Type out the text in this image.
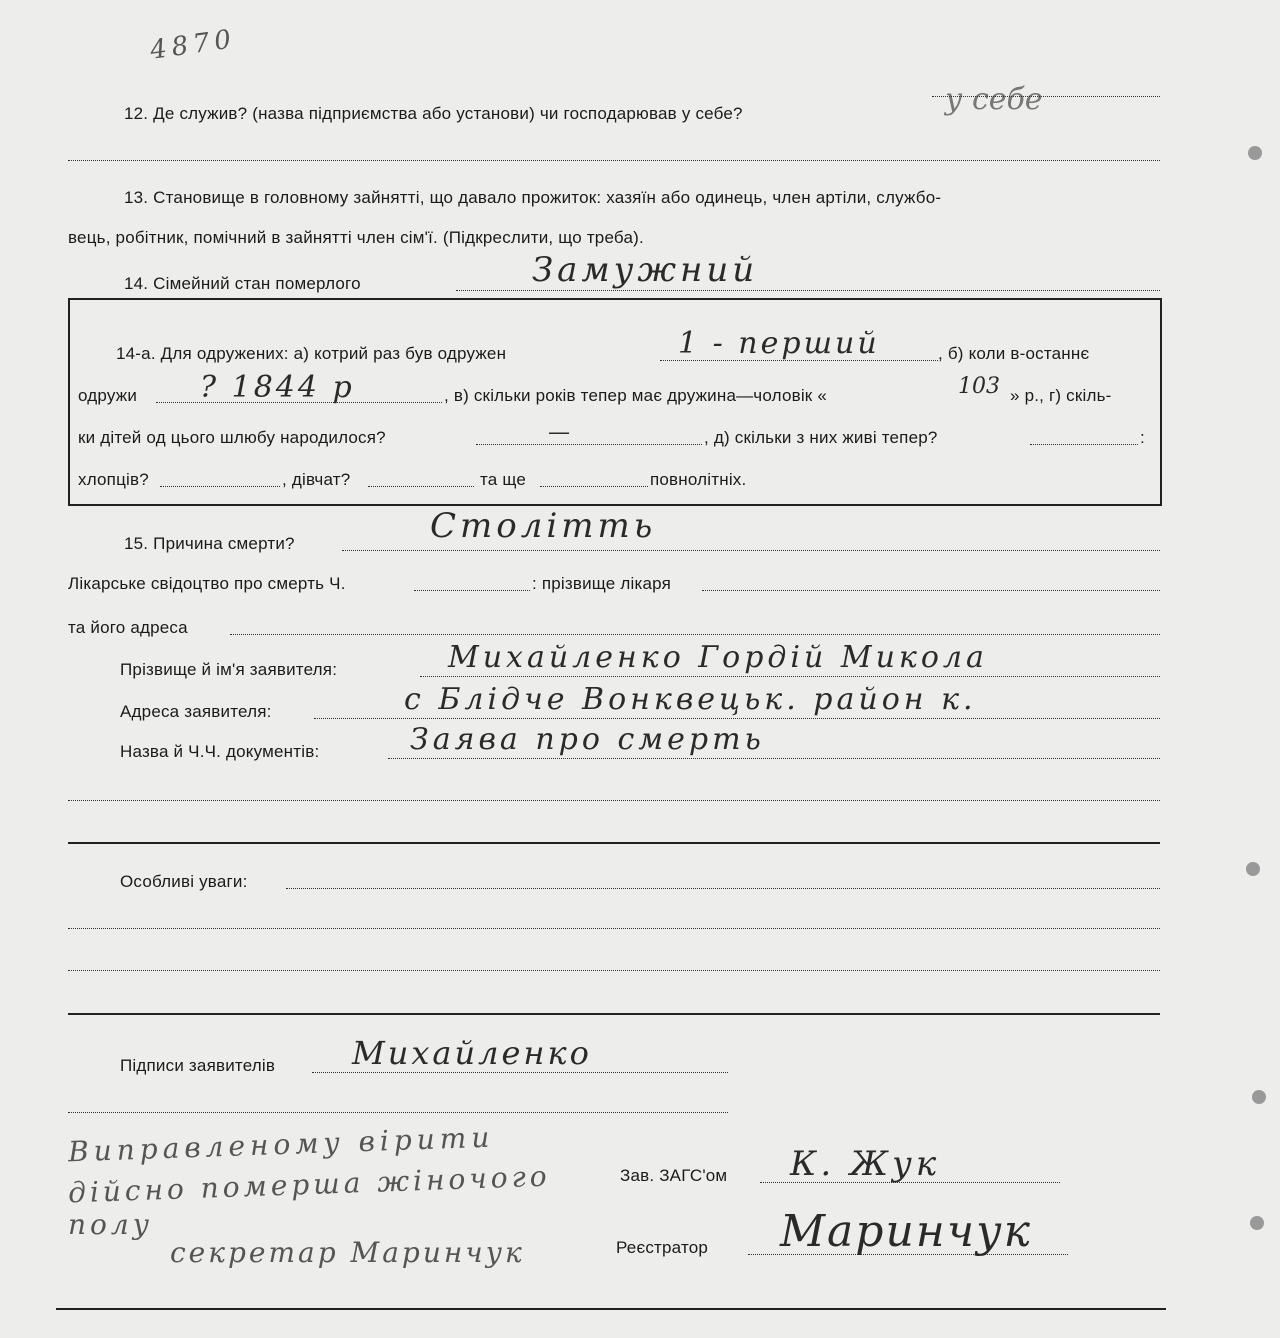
4870
12. Де служив? (назва підприємства або установи) чи господарював у себе?	у себе
13. Становище в головному зайнятті, що давало прожиток: хазяїн або одинець, член артіли, службо-
вець, робітник, помічний в зайнятті член сім'ї. (Підкреслити, що треба).
14. Сімейний стан померлого	Замужний
14-а. Для одружених: а) котрий раз був одружен	1 - перший	, б) коли в-останнє
одружи ? 1844 р	, в) скільки років тепер має дружина—чоловік «	103 » р., г) скіль-
ки дітей од цього шлюбу народилося?	—	, д) скільки з них живі тепер?	:
хлопців?	, дівчат?	та ще	повнолітніх.
15. Причина смерти?	Столітть
Лікарське свідоцтво про смерть Ч.	: прізвище лікаря
та його адреса
Прізвище й ім'я заявителя:	Михайленко Гордій Микола
Адреса заявителя:	с Блідче Вонквецьк. район к.
Назва й Ч.Ч. документів:	Заява про смерть
Особливі уваги:
Підписи заявителів Михайленко
Виправленому вірити
дійсно померша жіночого
полу
секретар Маринчук
Зав. ЗАГС'ом К. Жук
Реєстратор Маринчук
